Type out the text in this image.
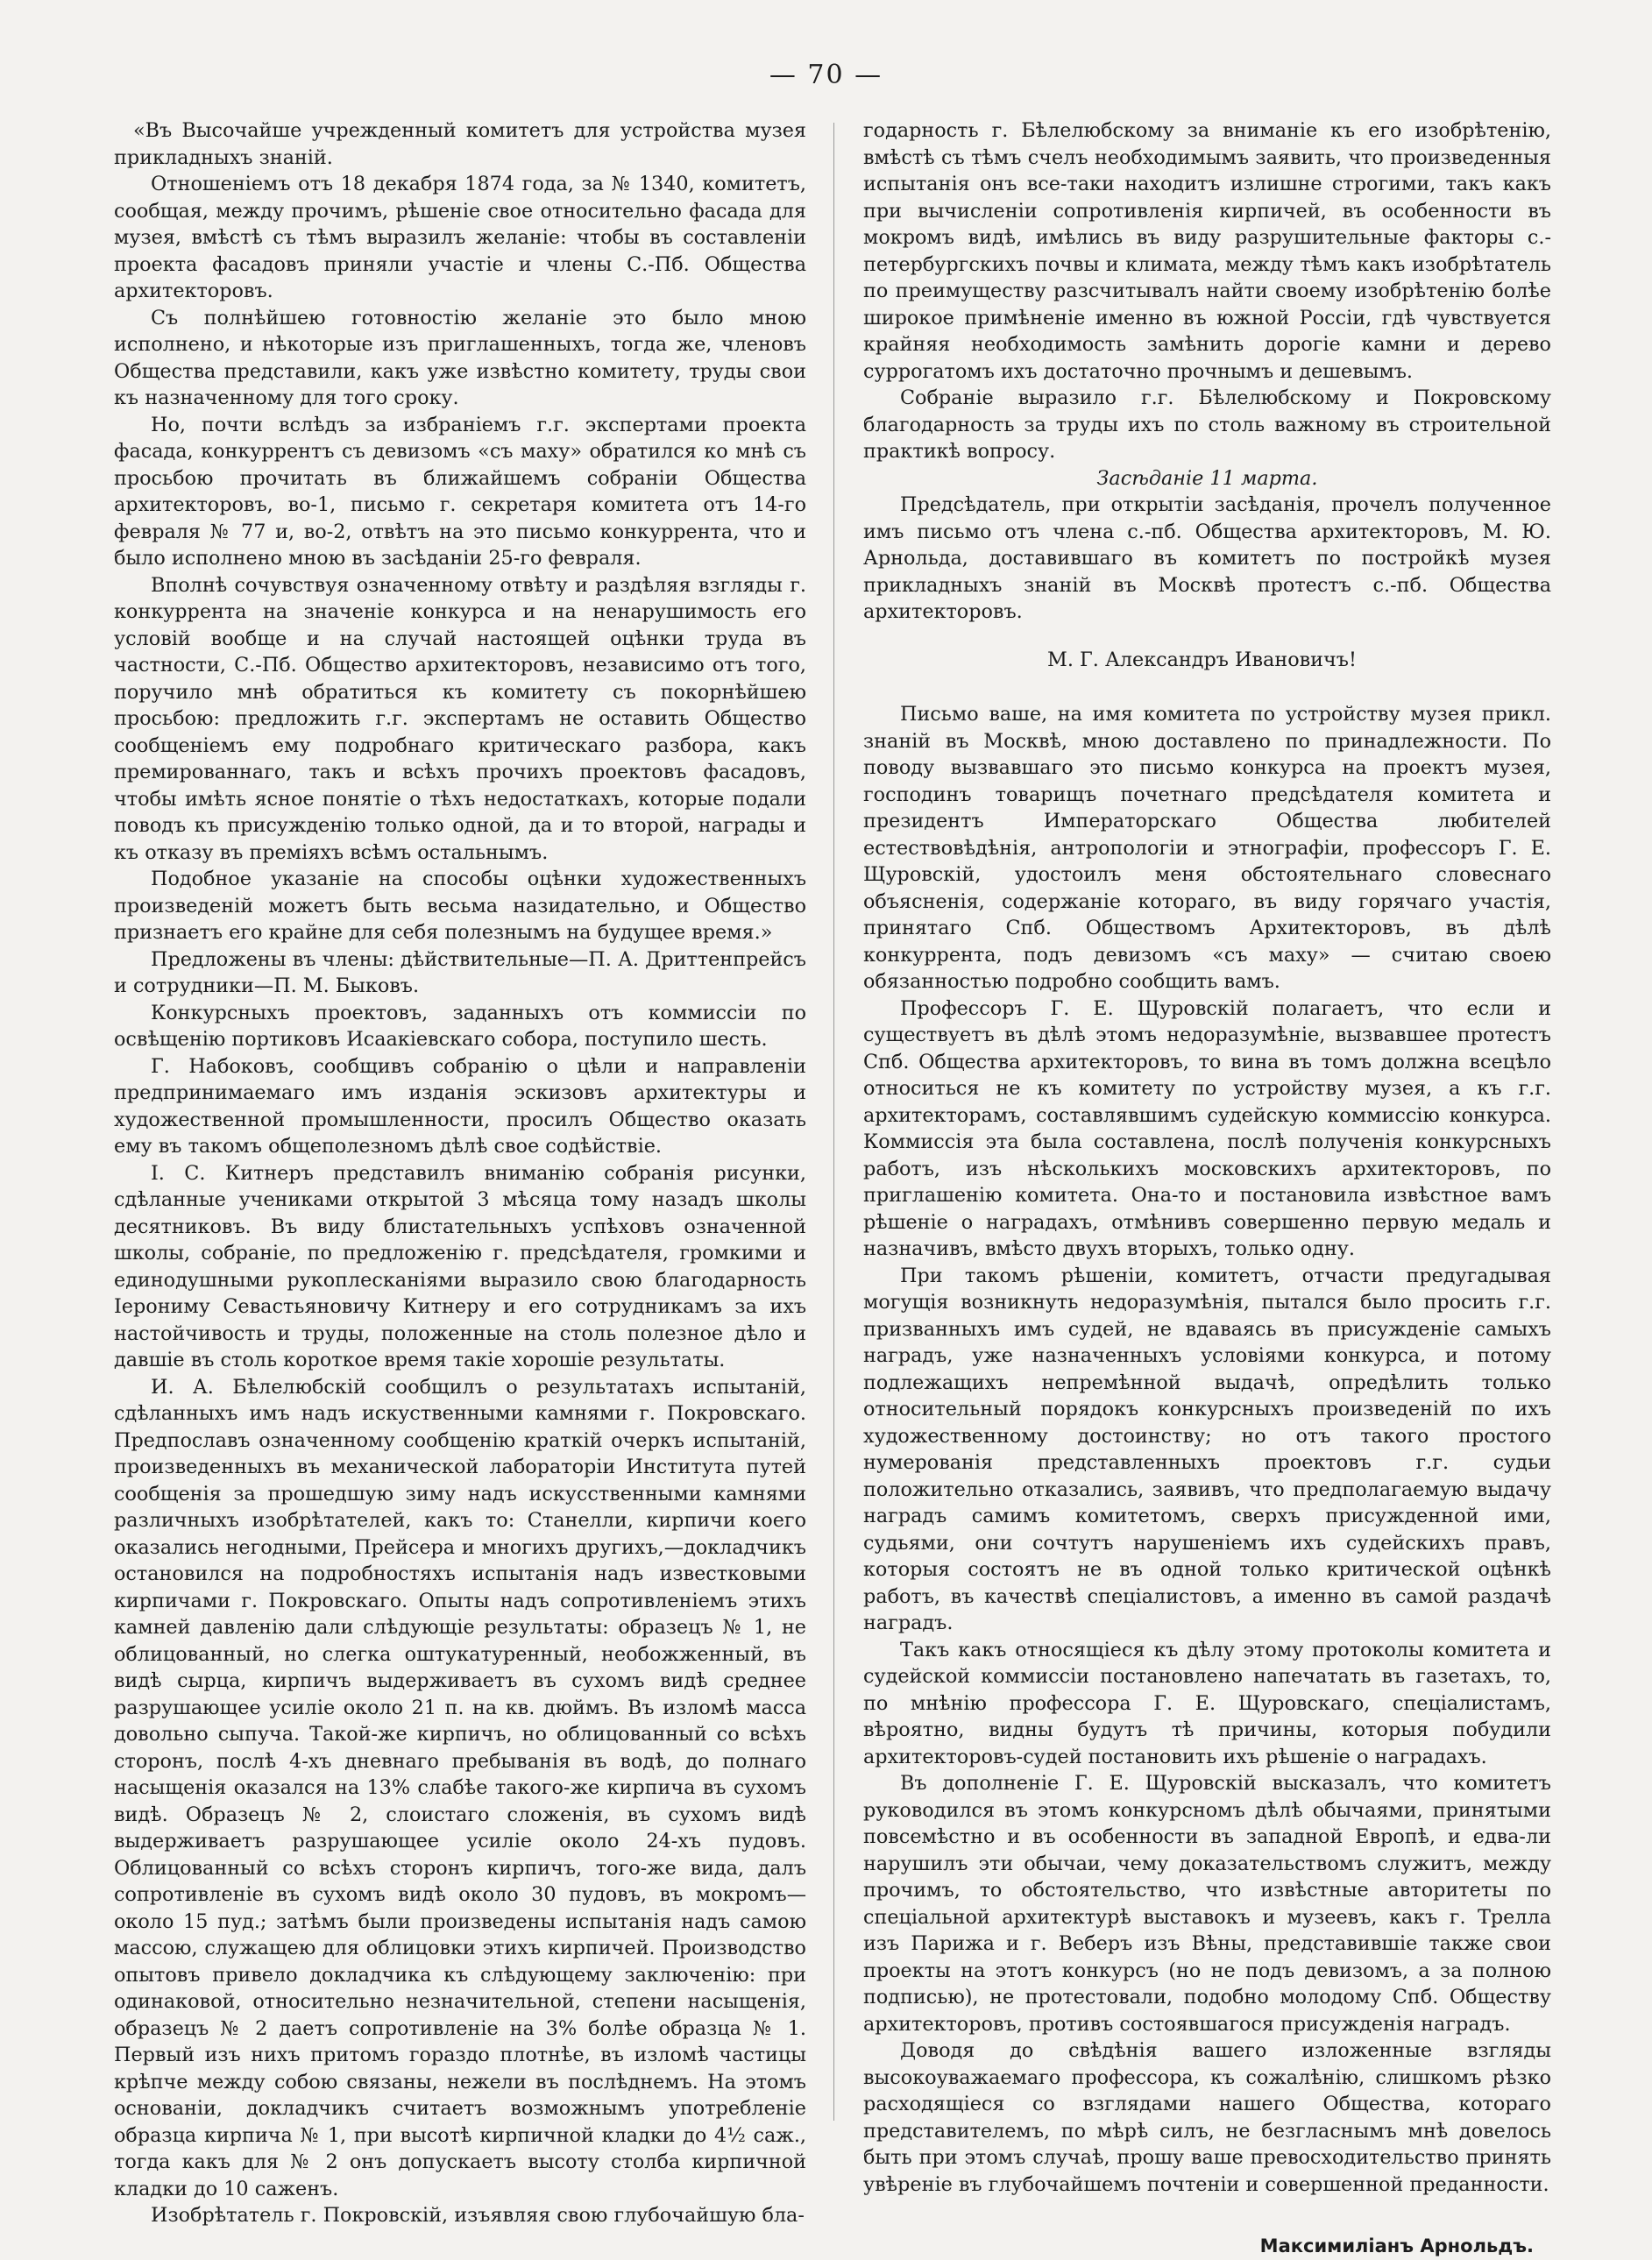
— 70 —

«Въ Высочайше учрежденный комитетъ для устройства музея прикладныхъ знаній.

Отношеніемъ отъ 18 декабря 1874 года, за № 1340, комитетъ, сообщая, между прочимъ, рѣшеніе свое относительно фасада для музея, вмѣстѣ съ тѣмъ выразилъ желаніе: чтобы въ составленіи проекта фасадовъ приняли участіе и члены С.-Пб. Общества архитекторовъ.

Съ полнѣйшею готовностію желаніе это было мною исполнено, и нѣкоторые изъ приглашенныхъ, тогда же, членовъ Общества представили, какъ уже извѣстно комитету, труды свои къ назначенному для того сроку.

Но, почти вслѣдъ за избраніемъ г.г. экспертами проекта фасада, конкуррентъ съ девизомъ «съ маху» обратился ко мнѣ съ просьбою прочитать въ ближайшемъ собраніи Общества архитекторовъ, во-1, письмо г. секретаря комитета отъ 14-го февраля № 77 и, во-2, отвѣтъ на это письмо конкуррента, что и было исполнено мною въ засѣданіи 25-го февраля.

Вполнѣ сочувствуя означенному отвѣту и раздѣляя взгляды г. конкуррента на значеніе конкурса и на ненарушимость его условій вообще и на случай настоящей оцѣнки труда въ частности, С.-Пб. Общество архитекторовъ, независимо отъ того, поручило мнѣ обратиться къ комитету съ покорнѣйшею просьбою: предложить г.г. экспертамъ не оставить Общество сообщеніемъ ему подробнаго критическаго разбора, какъ премированнаго, такъ и всѣхъ прочихъ проектовъ фасадовъ, чтобы имѣть ясное понятіе о тѣхъ недостаткахъ, которые подали поводъ къ присужденію только одной, да и то второй, награды и къ отказу въ преміяхъ всѣмъ остальнымъ.

Подобное указаніе на способы оцѣнки художественныхъ произведеній можетъ быть весьма назидательно, и Общество признаетъ его крайне для себя полезнымъ на будущее время.»

Предложены въ члены: дѣйствительные—П. А. Дриттенпрейсъ и сотрудники—П. М. Быковъ.

Конкурсныхъ проектовъ, заданныхъ отъ коммиссіи по освѣщенію портиковъ Исаакіевскаго собора, поступило шесть.

Г. Набоковъ, сообщивъ собранію о цѣли и направленіи предпринимаемаго имъ изданія эскизовъ архитектуры и художественной промышленности, просилъ Общество оказать ему въ такомъ общеполезномъ дѣлѣ свое содѣйствіе.

І. С. Китнеръ представилъ вниманію собранія рисунки, сдѣланные учениками открытой 3 мѣсяца тому назадъ школы десятниковъ. Въ виду блистательныхъ успѣховъ означенной школы, собраніе, по предложенію г. предсѣдателя, громкими и единодушными рукоплесканіями выразило свою благодарность Іерониму Севастьяновичу Китнеру и его сотрудникамъ за ихъ настойчивость и труды, положенные на столь полезное дѣло и давшіе въ столь короткое время такіе хорошіе результаты.

И. А. Бѣлелюбскій сообщилъ о результатахъ испытаній, сдѣланныхъ имъ надъ искуственными камнями г. Покровскаго. Предпославъ означенному сообщенію краткій очеркъ испытаній, произведенныхъ въ механической лабораторіи Института путей сообщенія за прошедшую зиму надъ искусственными камнями различныхъ изобрѣтателей, какъ то: Станелли, кирпичи коего оказались негодными, Прейсера и многихъ другихъ,—докладчикъ остановился на подробностяхъ испытанія надъ известковыми кирпичами г. Покровскаго. Опыты надъ сопротивленіемъ этихъ камней давленію дали слѣдующіе результаты: образецъ № 1, не облицованный, но слегка оштукатуренный, необожженный, въ видѣ сырца, кирпичъ выдерживаетъ въ сухомъ видѣ среднее разрушающее усиліе около 21 п. на кв. дюймъ. Въ изломѣ масса довольно сыпуча. Такой-же кирпичъ, но облицованный со всѣхъ сторонъ, послѣ 4-хъ дневнаго пребыванія въ водѣ, до полнаго насыщенія оказался на 13% слабѣе такого-же кирпича въ сухомъ видѣ. Образецъ № 2, слоистаго сложенія, въ сухомъ видѣ выдерживаетъ разрушающее усиліе около 24-хъ пудовъ. Облицованный со всѣхъ сторонъ кирпичъ, того-же вида, далъ сопротивленіе въ сухомъ видѣ около 30 пудовъ, въ мокромъ—около 15 пуд.; затѣмъ были произведены испытанія надъ самою массою, служащею для облицовки этихъ кирпичей. Производство опытовъ привело докладчика къ слѣдующему заключенію: при одинаковой, относительно незначительной, степени насыщенія, образецъ № 2 даетъ сопротивленіе на 3% болѣе образца № 1. Первый изъ нихъ притомъ гораздо плотнѣе, въ изломѣ частицы крѣпче между собою связаны, нежели въ послѣднемъ. На этомъ основаніи, докладчикъ считаетъ возможнымъ употребленіе образца кирпича № 1, при высотѣ кирпичной кладки до 4½ саж., тогда какъ для № 2 онъ допускаетъ высоту столба кирпичной кладки до 10 саженъ.

Изобрѣтатель г. Покровскій, изъявляя свою глубочайшую бла-

годарность г. Бѣлелюбскому за вниманіе къ его изобрѣтенію, вмѣстѣ съ тѣмъ счелъ необходимымъ заявить, что произведенныя испытанія онъ все-таки находитъ излишне строгими, такъ какъ при вычисленіи сопротивленія кирпичей, въ особенности въ мокромъ видѣ, имѣлись въ виду разрушительные факторы с.-петербургскихъ почвы и климата, между тѣмъ какъ изобрѣтатель по преимуществу разсчитывалъ найти своему изобрѣтенію болѣе широкое примѣненіе именно въ южной Россіи, гдѣ чувствуется крайняя необходимость замѣнить дорогіе камни и дерево суррогатомъ ихъ достаточно прочнымъ и дешевымъ.

Собраніе выразило г.г. Бѣлелюбскому и Покровскому благодарность за труды ихъ по столь важному въ строительной практикѣ вопросу.

Засѣданіе 11 марта.

Предсѣдатель, при открытіи засѣданія, прочелъ полученное имъ письмо отъ члена с.-пб. Общества архитекторовъ, М. Ю. Арнольда, доставившаго въ комитетъ по постройкѣ музея прикладныхъ знаній въ Москвѣ протестъ с.-пб. Общества архитекторовъ.

М. Г. Александръ Ивановичъ!

Письмо ваше, на имя комитета по устройству музея прикл. знаній въ Москвѣ, мною доставлено по принадлежности. По поводу вызвавшаго это письмо конкурса на проектъ музея, господинъ товарищъ почетнаго предсѣдателя комитета и президентъ Императорскаго Общества любителей естествовѣдѣнія, антропологіи и этнографіи, профессоръ Г. Е. Щуровскій, удостоилъ меня обстоятельнаго словеснаго объясненія, содержаніе котораго, въ виду горячаго участія, принятаго Спб. Обществомъ Архитекторовъ, въ дѣлѣ конкуррента, подъ девизомъ «съ маху» — считаю своею обязанностью подробно сообщить вамъ.

Профессоръ Г. Е. Щуровскій полагаетъ, что если и существуетъ въ дѣлѣ этомъ недоразумѣніе, вызвавшее протестъ Спб. Общества архитекторовъ, то вина въ томъ должна всецѣло относиться не къ комитету по устройству музея, а къ г.г. архитекторамъ, составлявшимъ судейскую коммиссію конкурса. Коммиссія эта была составлена, послѣ полученія конкурсныхъ работъ, изъ нѣсколькихъ московскихъ архитекторовъ, по приглашенію комитета. Она-то и постановила извѣстное вамъ рѣшеніе о наградахъ, отмѣнивъ совершенно первую медаль и назначивъ, вмѣсто двухъ вторыхъ, только одну.

При такомъ рѣшеніи, комитетъ, отчасти предугадывая могущія возникнуть недоразумѣнія, пытался было просить г.г. призванныхъ имъ судей, не вдаваясь въ присужденіе самыхъ наградъ, уже назначенныхъ условіями конкурса, и потому подлежащихъ непремѣнной выдачѣ, опредѣлить только относительный порядокъ конкурсныхъ произведеній по ихъ художественному достоинству; но отъ такого простого нумерованія представленныхъ проектовъ г.г. судьи положительно отказались, заявивъ, что предполагаемую выдачу наградъ самимъ комитетомъ, сверхъ присужденной ими, судьями, они сочтутъ нарушеніемъ ихъ судейскихъ правъ, которыя состоятъ не въ одной только критической оцѣнкѣ работъ, въ качествѣ спеціалистовъ, а именно въ самой раздачѣ наградъ.

Такъ какъ относящіеся къ дѣлу этому протоколы комитета и судейской коммиссіи постановлено напечатать въ газетахъ, то, по мнѣнію профессора Г. Е. Щуровскаго, спеціалистамъ, вѣроятно, видны будутъ тѣ причины, которыя побудили архитекторовъ-судей постановить ихъ рѣшеніе о наградахъ.

Въ дополненіе Г. Е. Щуровскій высказалъ, что комитетъ руководился въ этомъ конкурсномъ дѣлѣ обычаями, принятыми повсемѣстно и въ особенности въ западной Европѣ, и едва-ли нарушилъ эти обычаи, чему доказательствомъ служитъ, между прочимъ, то обстоятельство, что извѣстные авторитеты по спеціальной архитектурѣ выставокъ и музеевъ, какъ г. Трелла изъ Парижа и г. Веберъ изъ Вѣны, представившіе также свои проекты на этотъ конкурсъ (но не подъ девизомъ, а за полною подписью), не протестовали, подобно молодому Спб. Обществу архитекторовъ, противъ состоявшагося присужденія наградъ.

Доводя до свѣдѣнія вашего изложенные взгляды высокоуважаемаго профессора, къ сожалѣнію, слишкомъ рѣзко расходящіеся со взглядами нашего Общества, котораго представителемъ, по мѣрѣ силъ, не безгласнымъ мнѣ довелось быть при этомъ случаѣ, прошу ваше превосходительство принять увѣреніе въ глубочайшемъ почтеніи и совершенной преданности.

Максимиліанъ Арнольдъ.
